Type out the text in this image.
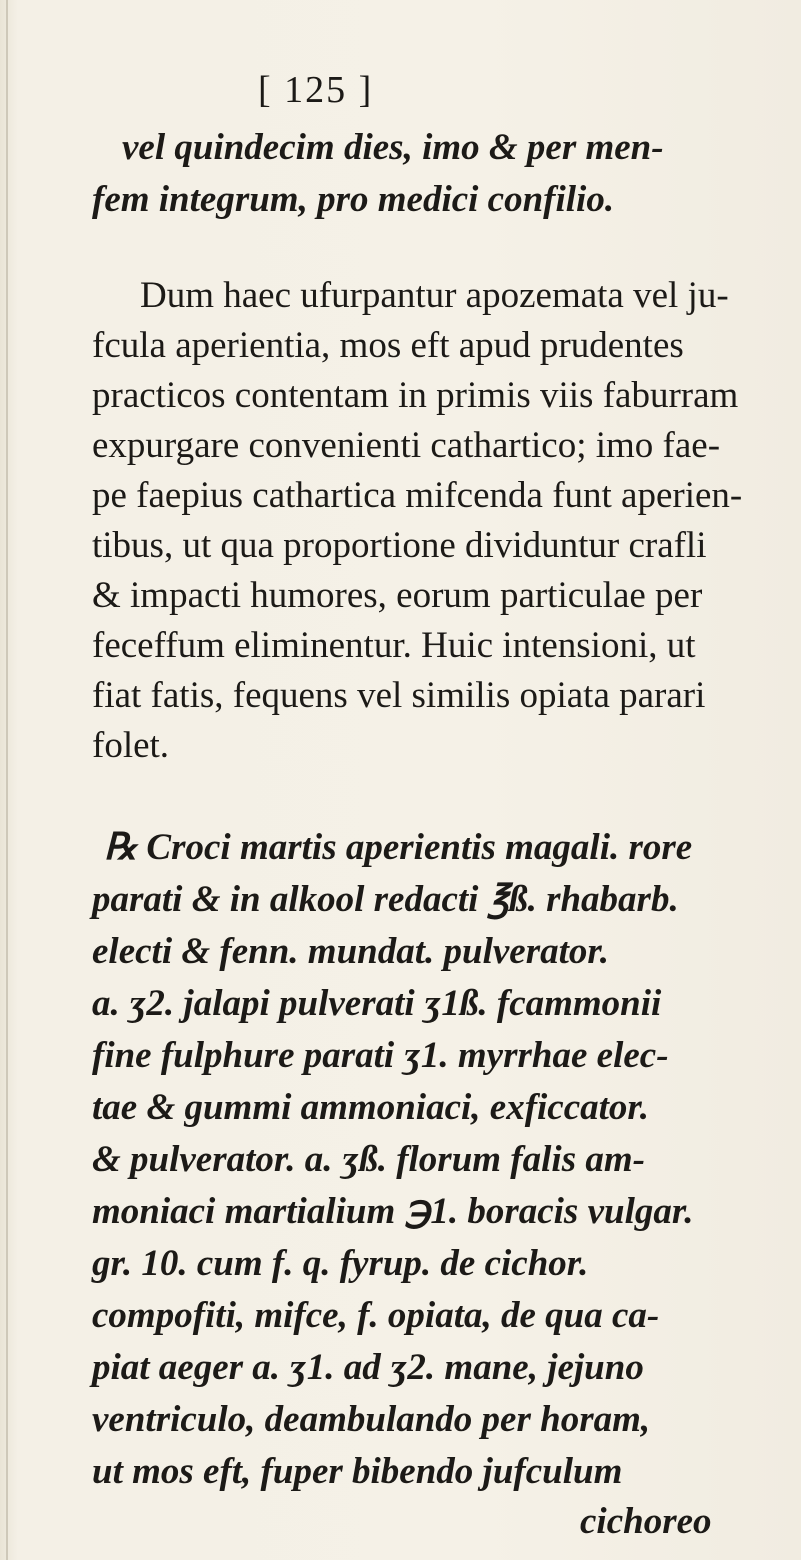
[ 125 ]
vel quindecim dies, imo & per men-
fem integrum, pro medici confilio.
Dum haec ufurpantur apozemata vel ju-
fcula aperientia, mos eft apud prudentes
practicos contentam in primis viis faburram
expurgare convenienti cathartico; imo fae-
pe faepius cathartica mifcenda funt aperien-
tibus, ut qua proportione dividuntur crafli
& impacti humores, eorum particulae per
feceffum eliminentur. Huic intensioni, ut
fiat fatis, fequens vel similis opiata parari
folet.
℞ Croci martis aperientis magali. rore
parati & in alkool redacti ℥ß. rhabarb.
electi & fenn. mundat. pulverator.
a. ʒ2. jalapi pulverati ʒ1ß. fcammonii
fine fulphure parati ʒ1. myrrhae elec-
tae & gummi ammoniaci, exficcator.
& pulverator. a. ʒß. florum falis am-
moniaci martialium ℈1. boracis vulgar.
gr. 10. cum f. q. fyrup. de cichor.
compofiti, mifce, f. opiata, de qua ca-
piat aeger a. ʒ1. ad ʒ2. mane, jejuno
ventriculo, deambulando per horam,
ut mos eft, fuper bibendo jufculum
cichoreo
